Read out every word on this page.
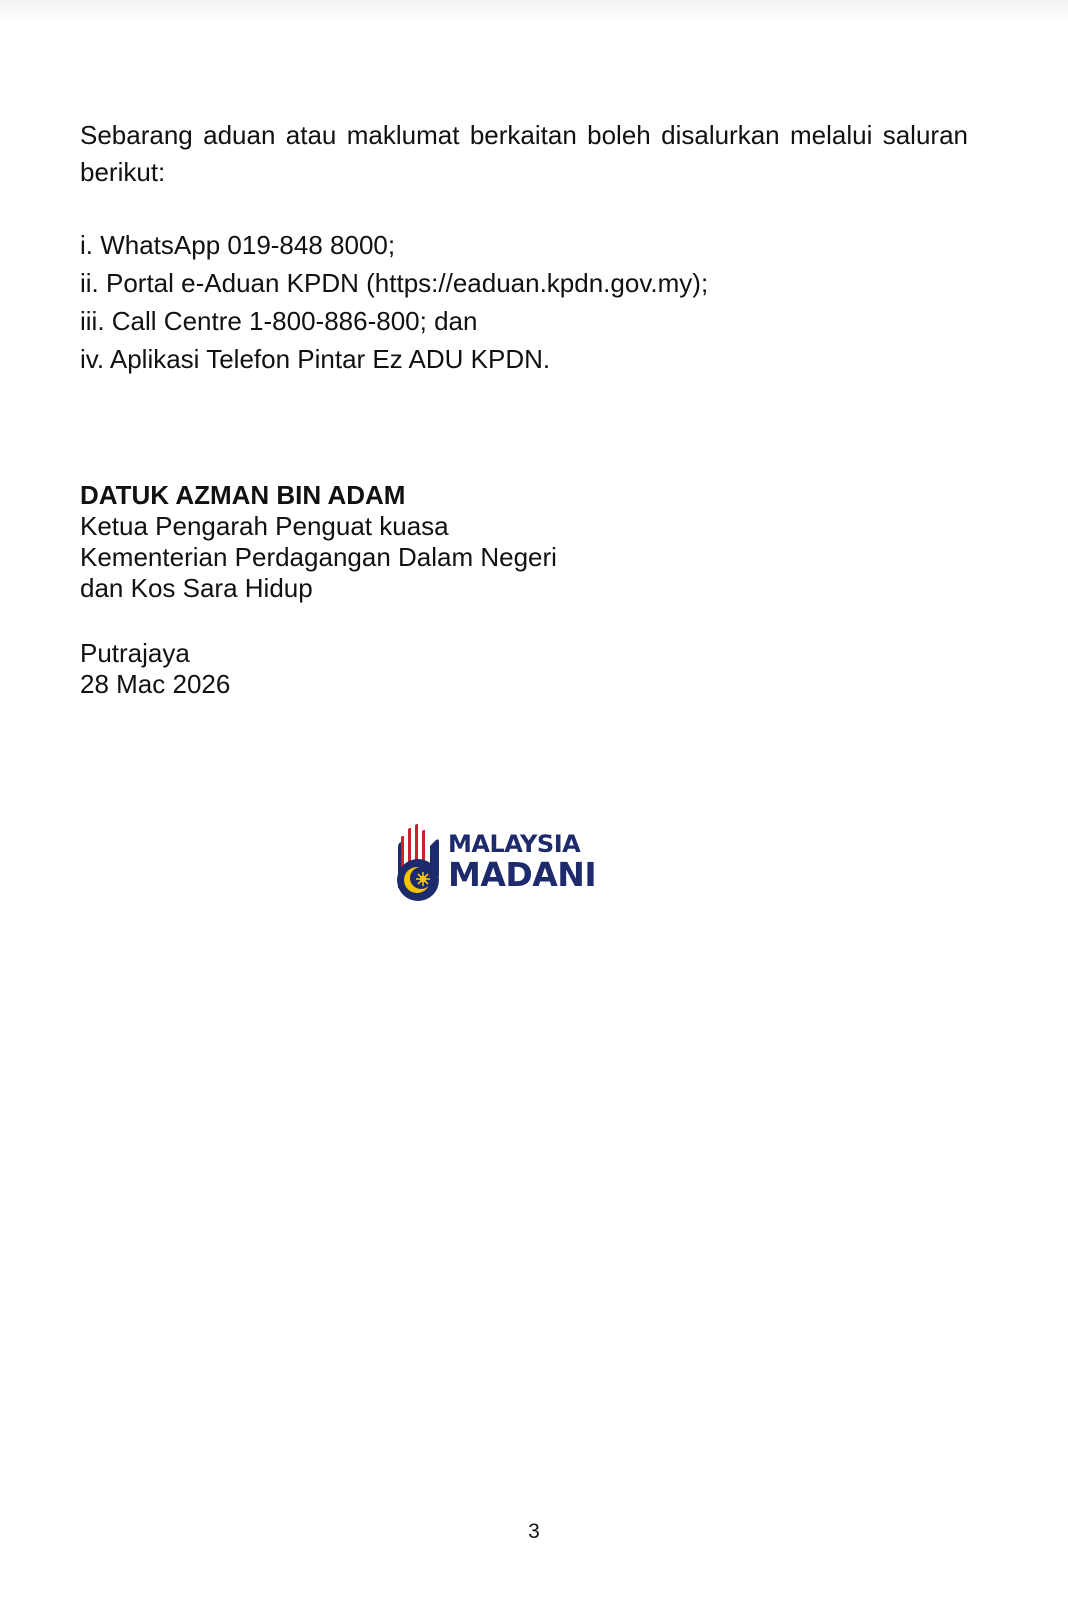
Sebarang aduan atau maklumat berkaitan boleh disalurkan melalui saluran berikut:

i. WhatsApp 019-848 8000;
ii. Portal e-Aduan KPDN (https://eaduan.kpdn.gov.my);
iii. Call Centre 1-800-886-800; dan
iv. Aplikasi Telefon Pintar Ez ADU KPDN.
DATUK AZMAN BIN ADAM
Ketua Pengarah Penguat kuasa
Kementerian Perdagangan Dalam Negeri
dan Kos Sara Hidup
Putrajaya
28 Mac 2026
MALAYSIA
MADANI
3
